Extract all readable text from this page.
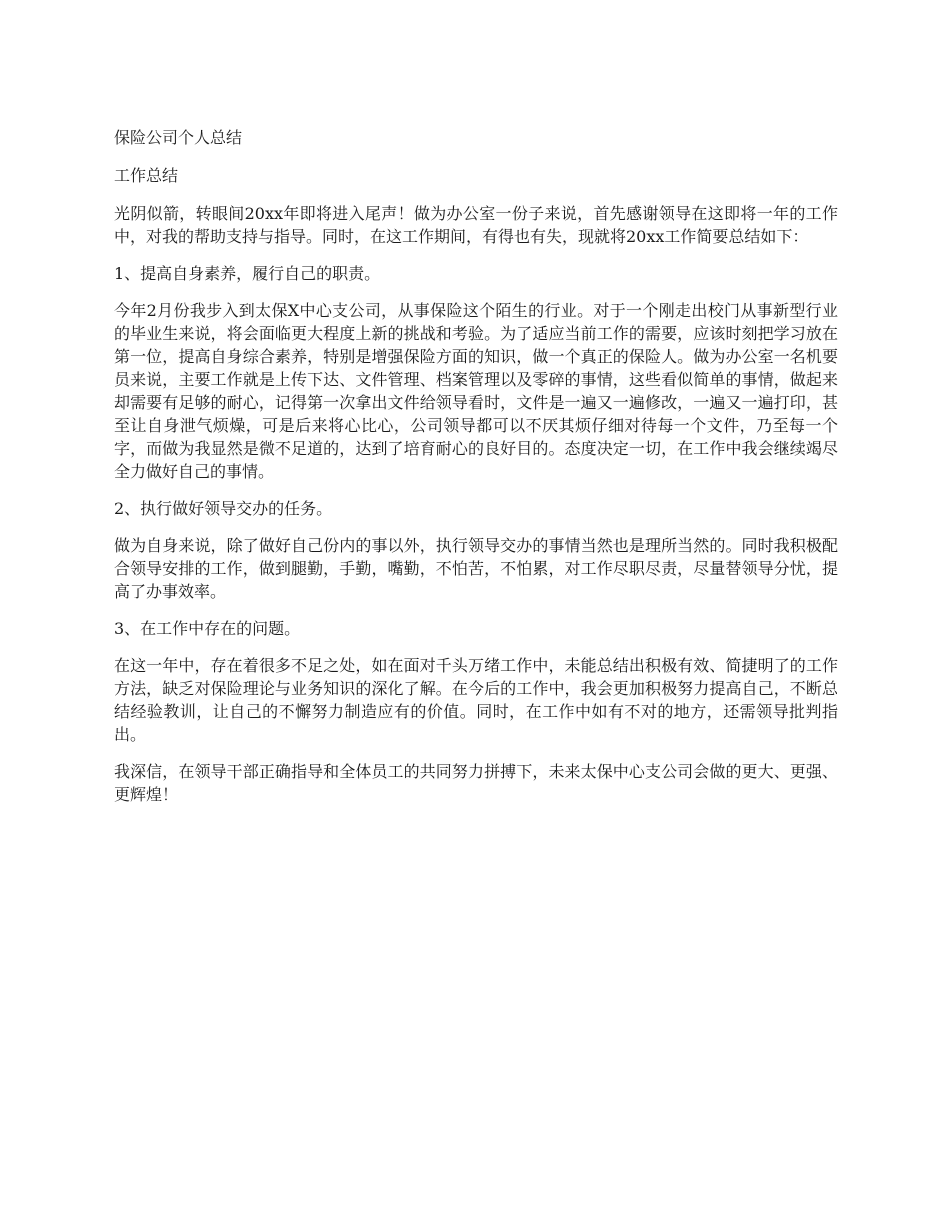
保险公司个人总结

工作总结

光阴似箭，转眼间20xx年即将进入尾声！做为办公室一份子来说，首先感谢领导在这即将一年的工作中，对我的帮助支持与指导。同时，在这工作期间，有得也有失，现就将20xx工作简要总结如下：

1、提高自身素养，履行自己的职责。

今年2月份我步入到太保X中心支公司，从事保险这个陌生的行业。对于一个刚走出校门从事新型行业的毕业生来说，将会面临更大程度上新的挑战和考验。为了适应当前工作的需要，应该时刻把学习放在第一位，提高自身综合素养，特别是增强保险方面的知识，做一个真正的保险人。做为办公室一名机要员来说，主要工作就是上传下达、文件管理、档案管理以及零碎的事情，这些看似简单的事情，做起来却需要有足够的耐心，记得第一次拿出文件给领导看时，文件是一遍又一遍修改，一遍又一遍打印，甚至让自身泄气烦燥，可是后来将心比心，公司领导都可以不厌其烦仔细对待每一个文件，乃至每一个字，而做为我显然是微不足道的，达到了培育耐心的良好目的。态度决定一切，在工作中我会继续竭尽全力做好自己的事情。

2、执行做好领导交办的任务。

做为自身来说，除了做好自己份内的事以外，执行领导交办的事情当然也是理所当然的。同时我积极配合领导安排的工作，做到腿勤，手勤，嘴勤，不怕苦，不怕累，对工作尽职尽责，尽量替领导分忧，提高了办事效率。

3、在工作中存在的问题。

在这一年中，存在着很多不足之处，如在面对千头万绪工作中，未能总结出积极有效、简捷明了的工作方法，缺乏对保险理论与业务知识的深化了解。在今后的工作中，我会更加积极努力提高自己，不断总结经验教训，让自己的不懈努力制造应有的价值。同时，在工作中如有不对的地方，还需领导批判指出。

我深信，在领导干部正确指导和全体员工的共同努力拼搏下，未来太保中心支公司会做的更大、更强、更辉煌！
